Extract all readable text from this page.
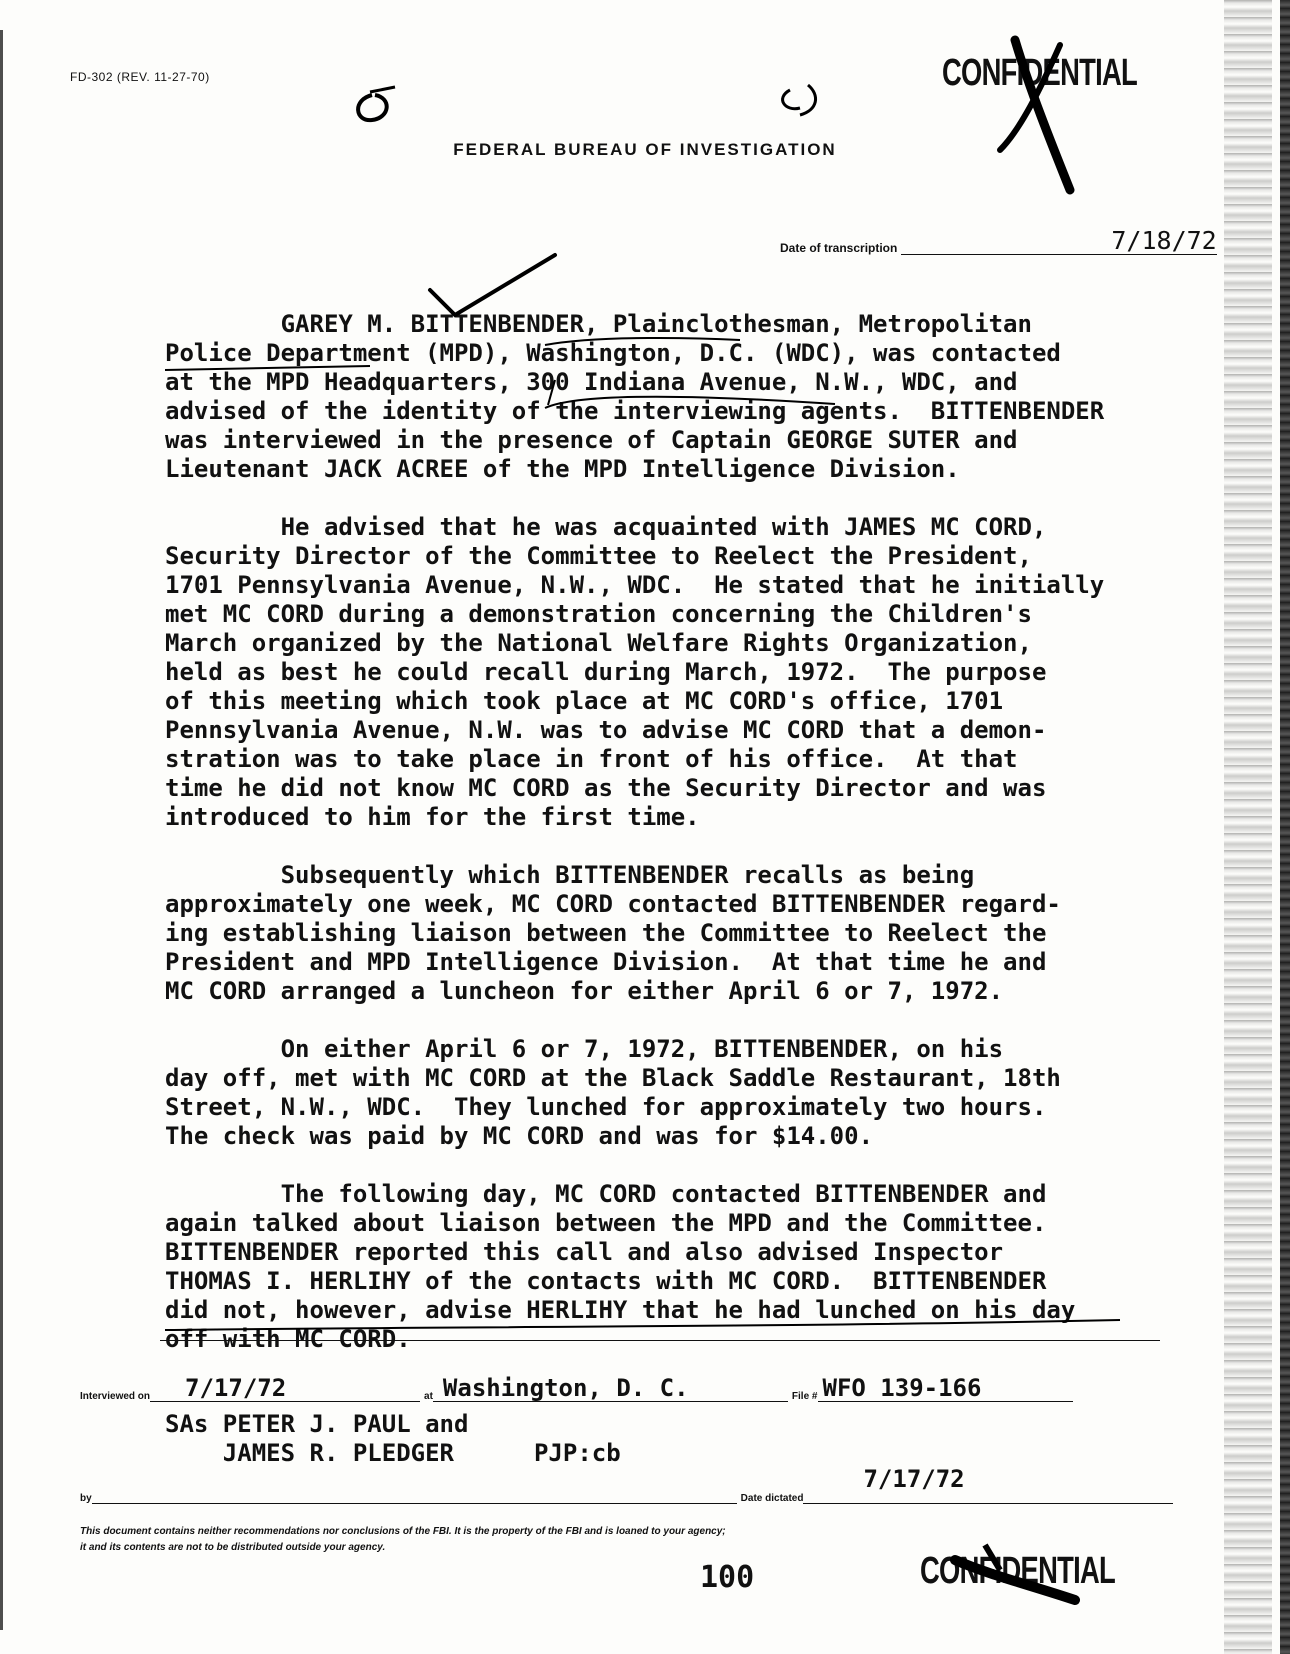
FD-302 (REV. 11-27-70)	CONFIDENTIAL
FEDERAL BUREAU OF INVESTIGATION
Date of transcription	7/18/72

GAREY M. BITTENBENDER, Plainclothesman, Metropolitan
Police Department (MPD), Washington, D.C. (WDC), was contacted
at the MPD Headquarters, 300 Indiana Avenue, N.W., WDC, and
advised of the identity of the interviewing agents.  BITTENBENDER
was interviewed in the presence of Captain GEORGE SUTER and
Lieutenant JACK ACREE of the MPD Intelligence Division.

He advised that he was acquainted with JAMES MC CORD,
Security Director of the Committee to Reelect the President,
1701 Pennsylvania Avenue, N.W., WDC.  He stated that he initially
met MC CORD during a demonstration concerning the Children's
March organized by the National Welfare Rights Organization,
held as best he could recall during March, 1972.  The purpose
of this meeting which took place at MC CORD's office, 1701
Pennsylvania Avenue, N.W. was to advise MC CORD that a demon-
stration was to take place in front of his office.  At that
time he did not know MC CORD as the Security Director and was
introduced to him for the first time.

Subsequently which BITTENBENDER recalls as being
approximately one week, MC CORD contacted BITTENBENDER regard-
ing establishing liaison between the Committee to Reelect the
President and MPD Intelligence Division.  At that time he and
MC CORD arranged a luncheon for either April 6 or 7, 1972.

On either April 6 or 7, 1972, BITTENBENDER, on his
day off, met with MC CORD at the Black Saddle Restaurant, 18th
Street, N.W., WDC.  They lunched for approximately two hours.
The check was paid by MC CORD and was for $14.00.

The following day, MC CORD contacted BITTENBENDER and
again talked about liaison between the MPD and the Committee.
BITTENBENDER reported this call and also advised Inspector
THOMAS I. HERLIHY of the contacts with MC CORD.  BITTENBENDER
did not, however, advise HERLIHY that he had lunched on his day
off with MC CORD.

Interviewed on	7/17/72	at Washington, D. C.	File # WFO 139-166
SAs PETER J. PAUL and
JAMES R. PLEDGER	PJP:cb
by
	Date dictated
7/17/72
This document contains neither recommendations nor conclusions of the FBI. It is the property of the FBI and is loaned to your agency;
it and its contents are not to be distributed outside your agency.
100	CONFIDENTIAL
